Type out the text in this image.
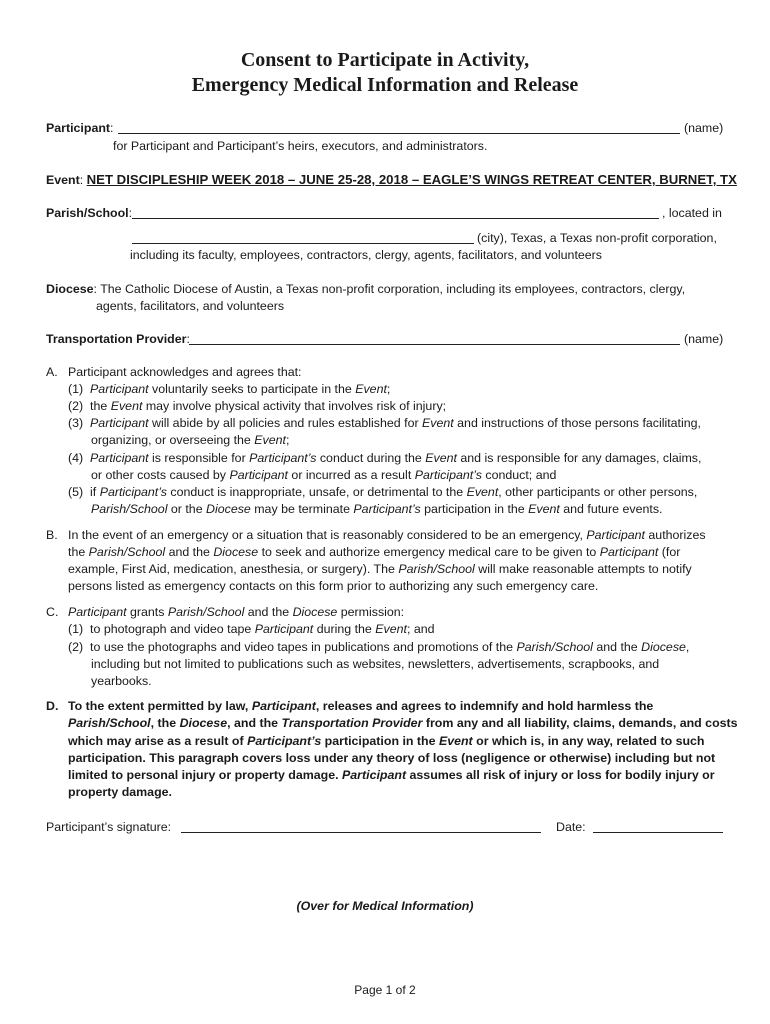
Consent to Participate in Activity,
Emergency Medical Information and Release
Participant:	(name)
for Participant and Participant’s heirs, executors, and administrators.
Event: NET DISCIPLESHIP WEEK 2018 – JUNE 25-28, 2018 – EAGLE’S WINGS RETREAT CENTER, BURNET, TX
Parish/School:	, located in
(city), Texas, a Texas non-profit corporation,
including its faculty, employees, contractors, clergy, agents, facilitators, and volunteers
Diocese: The Catholic Diocese of Austin, a Texas non-profit corporation, including its employees, contractors, clergy,
agents, facilitators, and volunteers
Transportation Provider:	(name)
A. Participant acknowledges and agrees that:
(1) Participant voluntarily seeks to participate in the Event;
(2) the Event may involve physical activity that involves risk of injury;
(3) Participant will abide by all policies and rules established for Event and instructions of those persons facilitating,
organizing, or overseeing the Event;
(4) Participant is responsible for Participant’s conduct during the Event and is responsible for any damages, claims,
or other costs caused by Participant or incurred as a result Participant’s conduct; and
(5) if Participant’s conduct is inappropriate, unsafe, or detrimental to the Event, other participants or other persons,
Parish/School or the Diocese may be terminate Participant’s participation in the Event and future events.
B. In the event of an emergency or a situation that is reasonably considered to be an emergency, Participant authorizes
the Parish/School and the Diocese to seek and authorize emergency medical care to be given to Participant (for
example, First Aid, medication, anesthesia, or surgery). The Parish/School will make reasonable attempts to notify
persons listed as emergency contacts on this form prior to authorizing any such emergency care.
C. Participant grants Parish/School and the Diocese permission:
(1) to photograph and video tape Participant during the Event; and
(2) to use the photographs and video tapes in publications and promotions of the Parish/School and the Diocese,
including but not limited to publications such as websites, newsletters, advertisements, scrapbooks, and
yearbooks.
D. To the extent permitted by law, Participant, releases and agrees to indemnify and hold harmless the
Parish/School, the Diocese, and the Transportation Provider from any and all liability, claims, demands, and costs
which may arise as a result of Participant’s participation in the Event or which is, in any way, related to such
participation. This paragraph covers loss under any theory of loss (negligence or otherwise) including but not
limited to personal injury or property damage. Participant assumes all risk of injury or loss for bodily injury or
property damage.
Participant’s signature:	Date:
(Over for Medical Information)
Page 1 of 2
